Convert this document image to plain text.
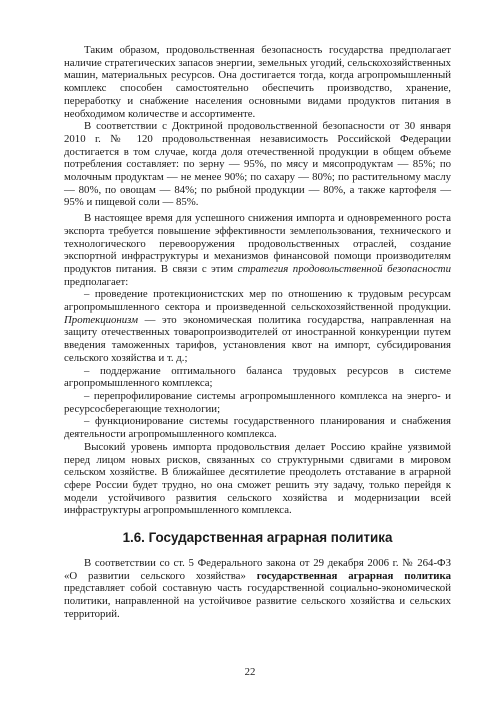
Таким образом, продовольственная безопасность государства предполагает наличие стратегических запасов энергии, земельных угодий, сельскохозяйственных машин, материальных ресурсов. Она достигается тогда, когда агропромышленный комплекс способен самостоятельно обеспечить производство, хранение, переработку и снабжение населения основными видами продуктов питания в необходимом количестве и ассортименте.

В соответствии с Доктриной продовольственной безопасности от 30 января 2010 г. № 120 продовольственная независимость Российской Федерации достигается в том случае, когда доля отечественной продукции в общем объеме потребления составляет: по зерну — 95%, по мясу и мясопродуктам — 85%; по молочным продуктам — не менее 90%; по сахару — 80%; по растительному маслу — 80%, по овощам — 84%; по рыбной продукции — 80%, а также картофеля — 95% и пищевой соли — 85%.

В настоящее время для успешного снижения импорта и одновременного роста экспорта требуется повышение эффективности землепользования, технического и технологического перевооружения продовольственных отраслей, создание экспортной инфраструктуры и механизмов финансовой помощи производителям продуктов питания. В связи с этим стратегия продовольственной безопасности предполагает:

– проведение протекционистских мер по отношению к трудовым ресурсам агропромышленного сектора и произведенной сельскохозяйственной продукции. Протекционизм — это экономическая политика государства, направленная на защиту отечественных товаропроизводителей от иностранной конкуренции путем введения таможенных тарифов, установления квот на импорт, субсидирования сельского хозяйства и т. д.;

– поддержание оптимального баланса трудовых ресурсов в системе агропромышленного комплекса;

– перепрофилирование системы агропромышленного комплекса на энерго- и ресурсосберегающие технологии;

– функционирование системы государственного планирования и снабжения деятельности агропромышленного комплекса.

Высокий уровень импорта продовольствия делает Россию крайне уязвимой перед лицом новых рисков, связанных со структурными сдвигами в мировом сельском хозяйстве. В ближайшее десятилетие преодолеть отставание в аграрной сфере России будет трудно, но она сможет решить эту задачу, только перейдя к модели устойчивого развития сельского хозяйства и модернизации всей инфраструктуры агропромышленного комплекса.

1.6. Государственная аграрная политика

В соответствии со ст. 5 Федерального закона от 29 декабря 2006 г. № 264-ФЗ «О развитии сельского хозяйства» государственная аграрная политика представляет собой составную часть государственной социально-экономической политики, направленной на устойчивое развитие сельского хозяйства и сельских территорий.

22
